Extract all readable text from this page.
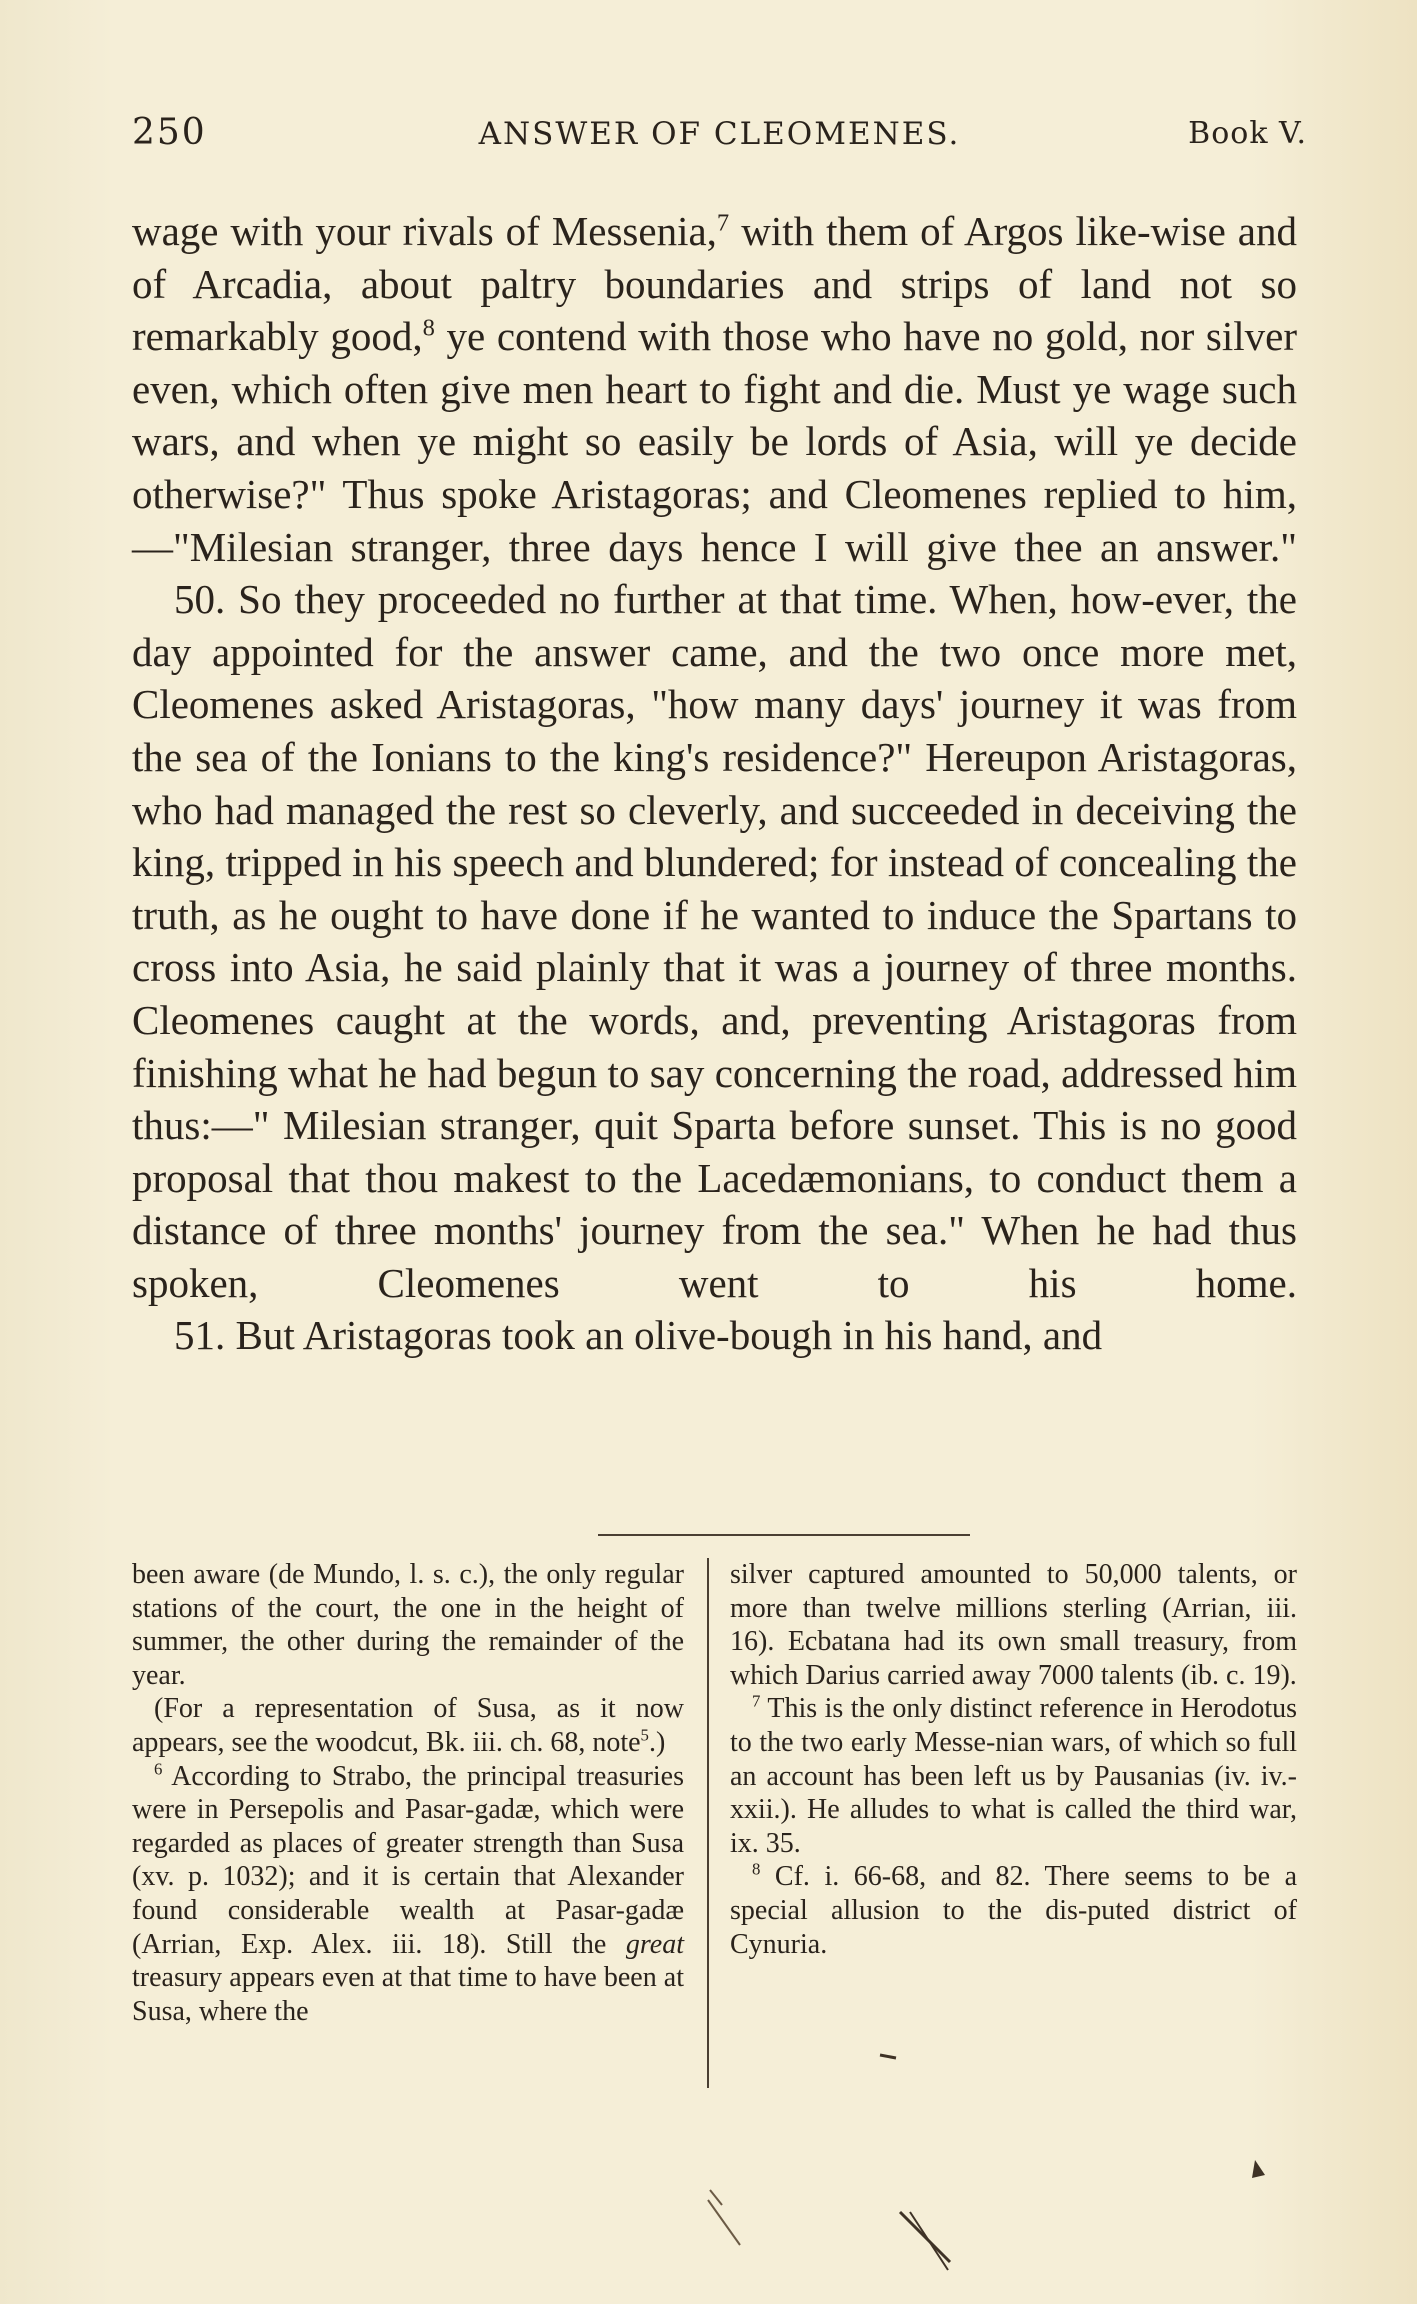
250	ANSWER OF CLEOMENES.	Book V.

wage with your rivals of Messenia,$^7$ with them of Argos like-wise and of Arcadia, about paltry boundaries and strips of land not so remarkably good,$^8$ ye contend with those who have no gold, nor silver even, which often give men heart to fight and die. Must ye wage such wars, and when ye might so easily be lords of Asia, will ye decide otherwise?" Thus spoke Aristagoras; and Cleomenes replied to him,—"Milesian stranger, three days hence I will give thee an answer."

50. So they proceeded no further at that time. When, how-ever, the day appointed for the answer came, and the two once more met, Cleomenes asked Aristagoras, "how many days' journey it was from the sea of the Ionians to the king's residence?" Hereupon Aristagoras, who had managed the rest so cleverly, and succeeded in deceiving the king, tripped in his speech and blundered; for instead of concealing the truth, as he ought to have done if he wanted to induce the Spartans to cross into Asia, he said plainly that it was a journey of three months. Cleomenes caught at the words, and, preventing Aristagoras from finishing what he had begun to say concerning the road, addressed him thus:—" Milesian stranger, quit Sparta before sunset. This is no good proposal that thou makest to the Lacedæmonians, to conduct them a distance of three months' journey from the sea." When he had thus spoken, Cleomenes went to his home.

51. But Aristagoras took an olive-bough in his hand, and

been aware (de Mundo, l. s. c.), the only regular stations of the court, the one in the height of summer, the other during the remainder of the year.

(For a representation of Susa, as it now appears, see the woodcut, Bk. iii. ch. 68, note$^5$.)

$^6$ According to Strabo, the principal treasuries were in Persepolis and Pasar-gadæ, which were regarded as places of greater strength than Susa (xv. p. 1032); and it is certain that Alexander found considerable wealth at Pasar-gadæ (Arrian, Exp. Alex. iii. 18). Still the great treasury appears even at that time to have been at Susa, where the

silver captured amounted to 50,000 talents, or more than twelve millions sterling (Arrian, iii. 16). Ecbatana had its own small treasury, from which Darius carried away 7000 talents (ib. c. 19).

$^7$ This is the only distinct reference in Herodotus to the two early Messe-nian wars, of which so full an account has been left us by Pausanias (iv. iv.-xxii.). He alludes to what is called the third war, ix. 35.

$^8$ Cf. i. 66-68, and 82. There seems to be a special allusion to the dis-puted district of Cynuria.
